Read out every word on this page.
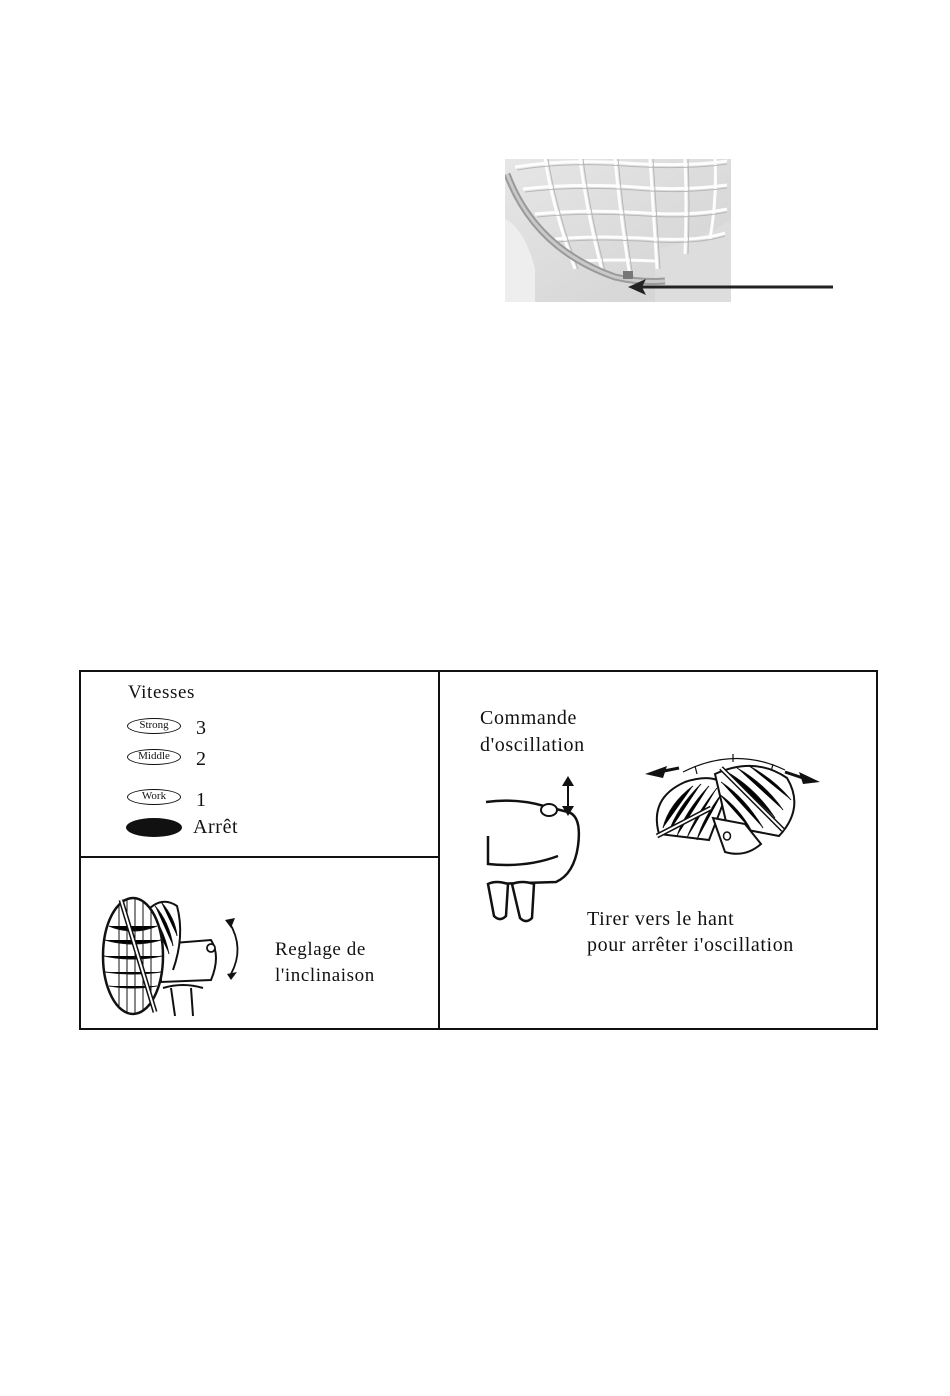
Vitesses
Strong	3
Middle	2
Work	1
Arrêt
Reglage de
l'inclinaison
Commande
d'oscillation
Tirer vers le hant
pour arrêter i'oscillation
